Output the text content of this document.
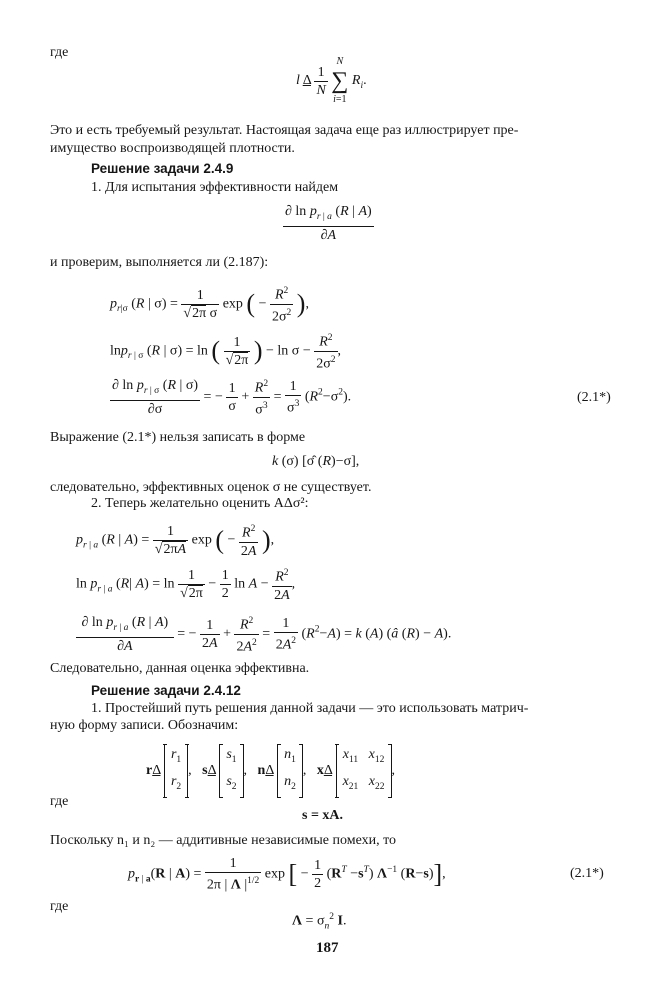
где
l  Δ $\frac{1}{N}$

N
∑
i=1
$R_i$.
Это и есть требуемый результат. Настоящая задача еще раз иллюстрирует пре-
имущество воспроизводящей плотности.
Решение задачи 2.4.9
1. Для испытания эффективности найдем
$\frac{\partial \ln p_{r | a} (R | A)}{\partial A}$
и проверим, выполняется ли (2.187):
$p_{r|\sigma}$ (R | $\sigma) = \frac{1}{\text{√2π σ}}$ exp ( − $\frac{R^2}{2\sigma^2}$ ),
lnp$_{r | \sigma}$ (R | σ) = ln ( $\frac{1}{√2\pi}$ ) − $\ln \sigma - \frac{R^2}{2\sigma^2}$ ,
$\frac{\partial \ln p_{r | \sigma} (R | \sigma)}{\partial\sigma}$ = − $\frac{1}{\sigma} + \frac{R^2}{\sigma^3} = \frac{1}{\sigma^3} (R^2-\sigma^2)$.	(2.1*)
Выражение (2.1*) нельзя записать в форме
k (σ) [σ̂ (R)−σ],
следовательно, эффективных оценок σ не существует.
2. Теперь желательно оценить AΔσ²:
$p_{r | a}$ (R | $A) = \frac{1}{√2\pi A}$ exp ( − $\frac{R^2}{2A}$ ),
$\ln p_{r | a}$ (R| $A) = \ln \frac{1}{√2\pi} - \frac{1}{2}$ $\ln A - \frac{R^2}{2A}$ ,
$\frac{\partial \ln p_{r | a} (R | A)}{\partial A}$ = − $\frac{1}{2A} + \frac{R^2}{2A^2} = \frac{1}{2A^2} (R^2-A) = k$ (A) (â (R) − A).
Следовательно, данная оценка эффективна.
Решение задачи 2.4.12
1. Простейший путь решения данной задачи — это использовать матрич-
ную форму записи. Обозначим:
rΔ $r_1$
$r_2$,   sΔ $s_1$
$s_2$,   nΔ $n_1$
$n_2$,   xΔ $x_{11}$ $x_{12}$
$x_{21}$ $x_{22}$,
где
s = xA.
Поскольку n₁ и n₂ — аддитивные независимые помехи, то
$p_{r | a}(R$ | $A) = \frac{1}{2\pi | \Lambda |^{1/2}}$ exp [ − $\frac{1}{2} (R^T -s^T)$ $\Lambda^{-1}$ (R−s)],	(2.1*)
где
$\Lambda = \sigma_n^2$ I.
187
